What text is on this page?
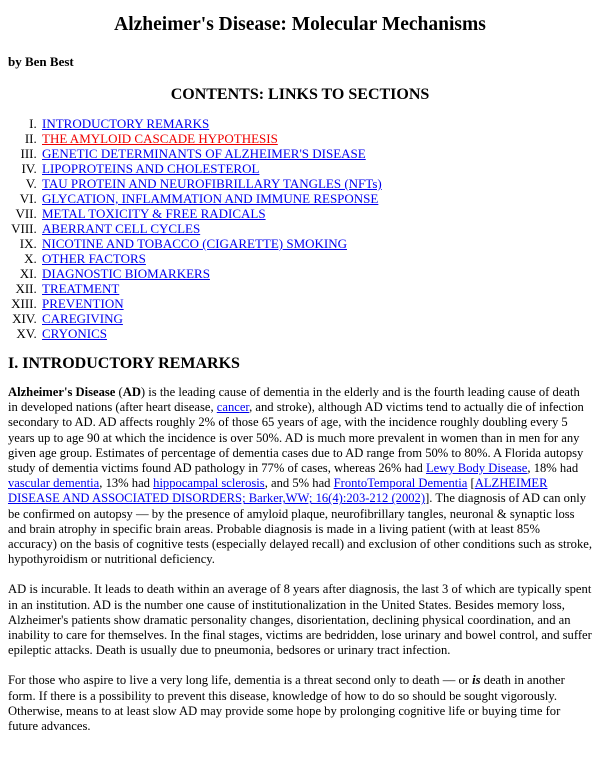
Alzheimer's Disease: Molecular Mechanisms
by Ben Best
CONTENTS: LINKS TO SECTIONS
I. INTRODUCTORY REMARKS
II. THE AMYLOID CASCADE HYPOTHESIS
III. GENETIC DETERMINANTS OF ALZHEIMER'S DISEASE
IV. LIPOPROTEINS AND CHOLESTEROL
V. TAU PROTEIN AND NEUROFIBRILLARY TANGLES (NFTs)
VI. GLYCATION, INFLAMMATION AND IMMUNE RESPONSE
VII. METAL TOXICITY & FREE RADICALS
VIII. ABERRANT CELL CYCLES
IX. NICOTINE AND TOBACCO (CIGARETTE) SMOKING
X. OTHER FACTORS
XI. DIAGNOSTIC BIOMARKERS
XII. TREATMENT
XIII. PREVENTION
XIV. CAREGIVING
XV. CRYONICS
I. INTRODUCTORY REMARKS

Alzheimer's Disease (AD) is the leading cause of dementia in the elderly and is the fourth leading cause of death in developed nations (after heart disease, cancer, and stroke), although AD victims tend to actually die of infection secondary to AD. AD affects roughly 2% of those 65 years of age, with the incidence roughly doubling every 5 years up to age 90 at which the incidence is over 50%. AD is much more prevalent in women than in men for any given age group. Estimates of percentage of dementia cases due to AD range from 50% to 80%. A Florida autopsy study of dementia victims found AD pathology in 77% of cases, whereas 26% had Lewy Body Disease, 18% had vascular dementia, 13% had hippocampal sclerosis, and 5% had FrontoTemporal Dementia [ALZHEIMER DISEASE AND ASSOCIATED DISORDERS; Barker,WW; 16(4):203-212 (2002)]. The diagnosis of AD can only be confirmed on autopsy — by the presence of amyloid plaque, neurofibrillary tangles, neuronal & synaptic loss and brain atrophy in specific brain areas. Probable diagnosis is made in a living patient (with at least 85% accuracy) on the basis of cognitive tests (especially delayed recall) and exclusion of other conditions such as stroke, hypothyroidism or nutritional deficiency.

AD is incurable. It leads to death within an average of 8 years after diagnosis, the last 3 of which are typically spent in an institution. AD is the number one cause of institutionalization in the United States. Besides memory loss, Alzheimer's patients show dramatic personality changes, disorientation, declining physical coordination, and an inability to care for themselves. In the final stages, victims are bedridden, lose urinary and bowel control, and suffer epileptic attacks. Death is usually due to pneumonia, bedsores or urinary tract infection.

For those who aspire to live a very long life, dementia is a threat second only to death — or is death in another form. If there is a possibility to prevent this disease, knowledge of how to do so should be sought vigorously. Otherwise, means to at least slow AD may provide some hope by prolonging cognitive life or buying time for future advances.
